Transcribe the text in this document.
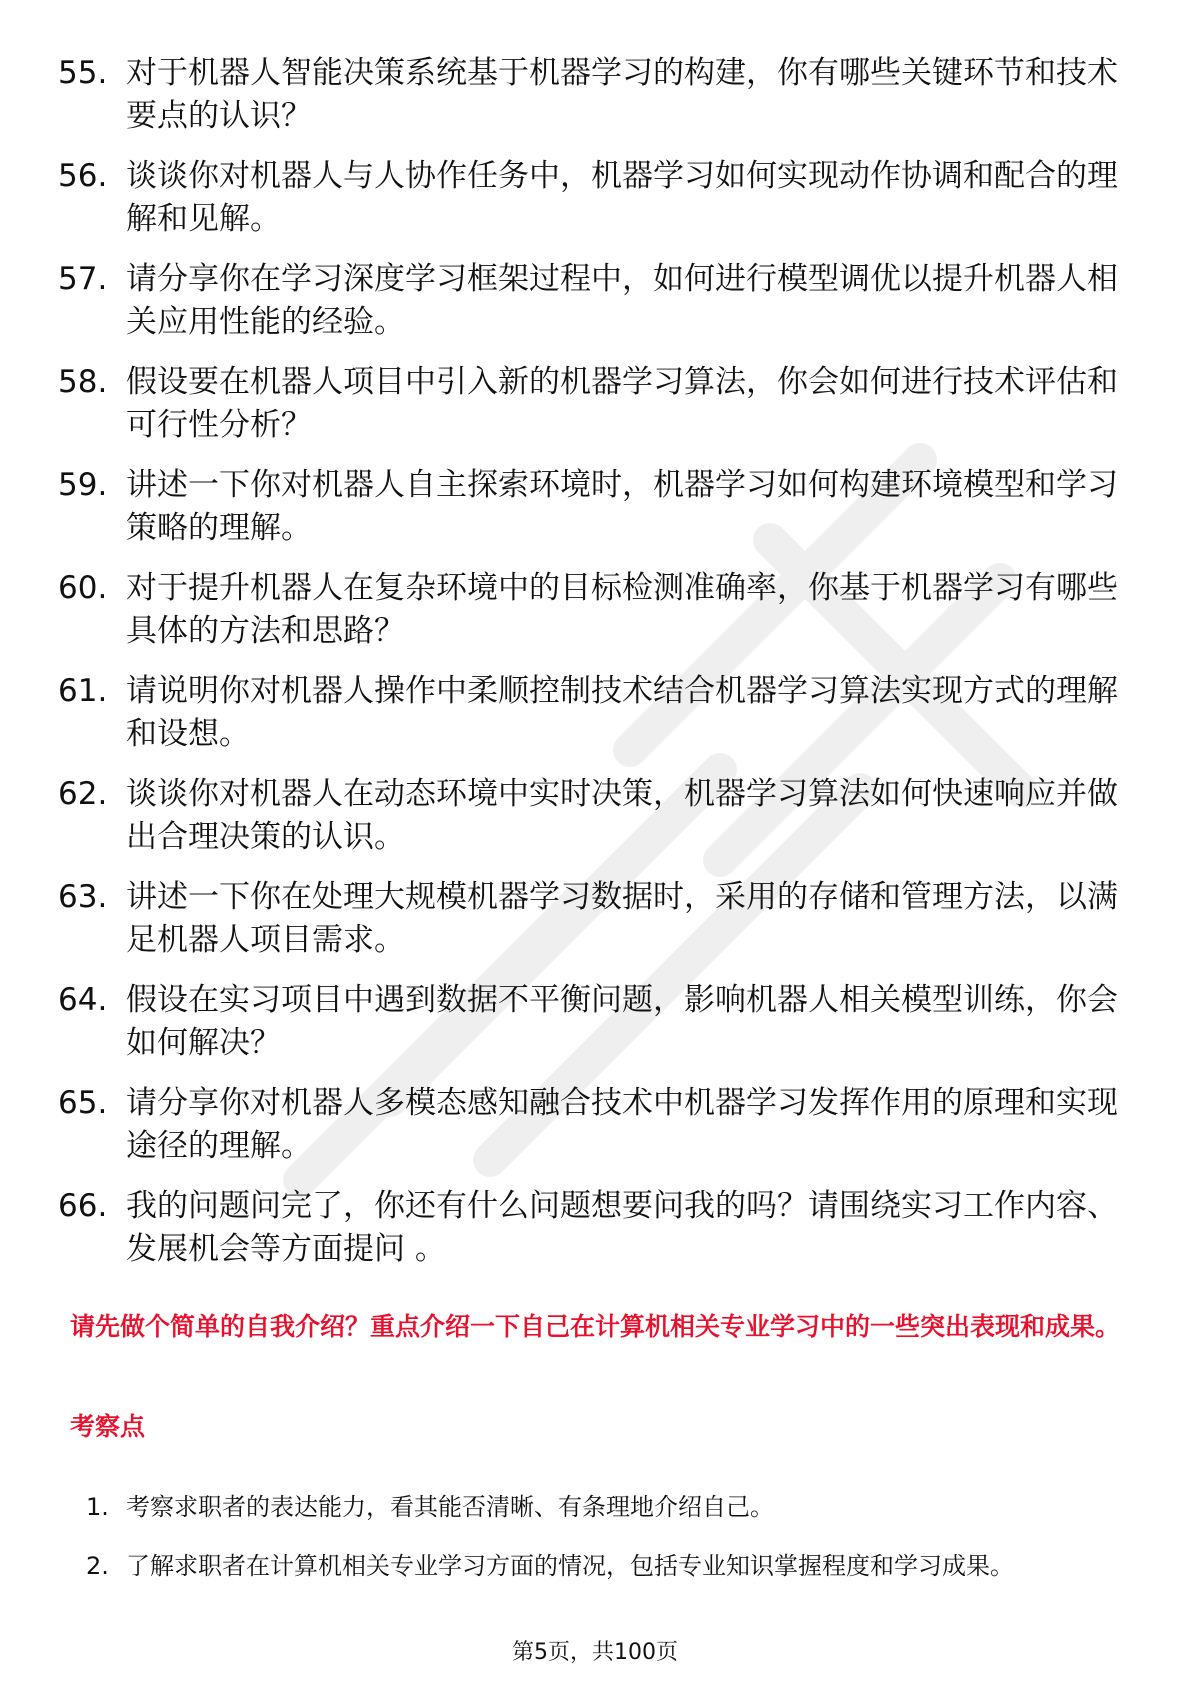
55. 对于机器人智能决策系统基于机器学习的构建，你有哪些关键环节和技术要点的认识？
56. 谈谈你对机器人与人协作任务中，机器学习如何实现动作协调和配合的理解和见解。
57. 请分享你在学习深度学习框架过程中，如何进行模型调优以提升机器人相关应用性能的经验。
58. 假设要在机器人项目中引入新的机器学习算法，你会如何进行技术评估和可行性分析？
59. 讲述一下你对机器人自主探索环境时，机器学习如何构建环境模型和学习策略的理解。
60. 对于提升机器人在复杂环境中的目标检测准确率，你基于机器学习有哪些具体的方法和思路？
61. 请说明你对机器人操作中柔顺控制技术结合机器学习算法实现方式的理解和设想。
62. 谈谈你对机器人在动态环境中实时决策，机器学习算法如何快速响应并做出合理决策的认识。
63. 讲述一下你在处理大规模机器学习数据时，采用的存储和管理方法，以满足机器人项目需求。
64. 假设在实习项目中遇到数据不平衡问题，影响机器人相关模型训练，你会如何解决？
65. 请分享你对机器人多模态感知融合技术中机器学习发挥作用的原理和实现途径的理解。
66. 我的问题问完了，你还有什么问题想要问我的吗？请围绕实习工作内容、发展机会等方面提问 。

请先做个简单的自我介绍？重点介绍一下自己在计算机相关专业学习中的一些突出表现和成果。

考察点

1. 考察求职者的表达能力，看其能否清晰、有条理地介绍自己。
2. 了解求职者在计算机相关专业学习方面的情况，包括专业知识掌握程度和学习成果。
第5页，共100页
